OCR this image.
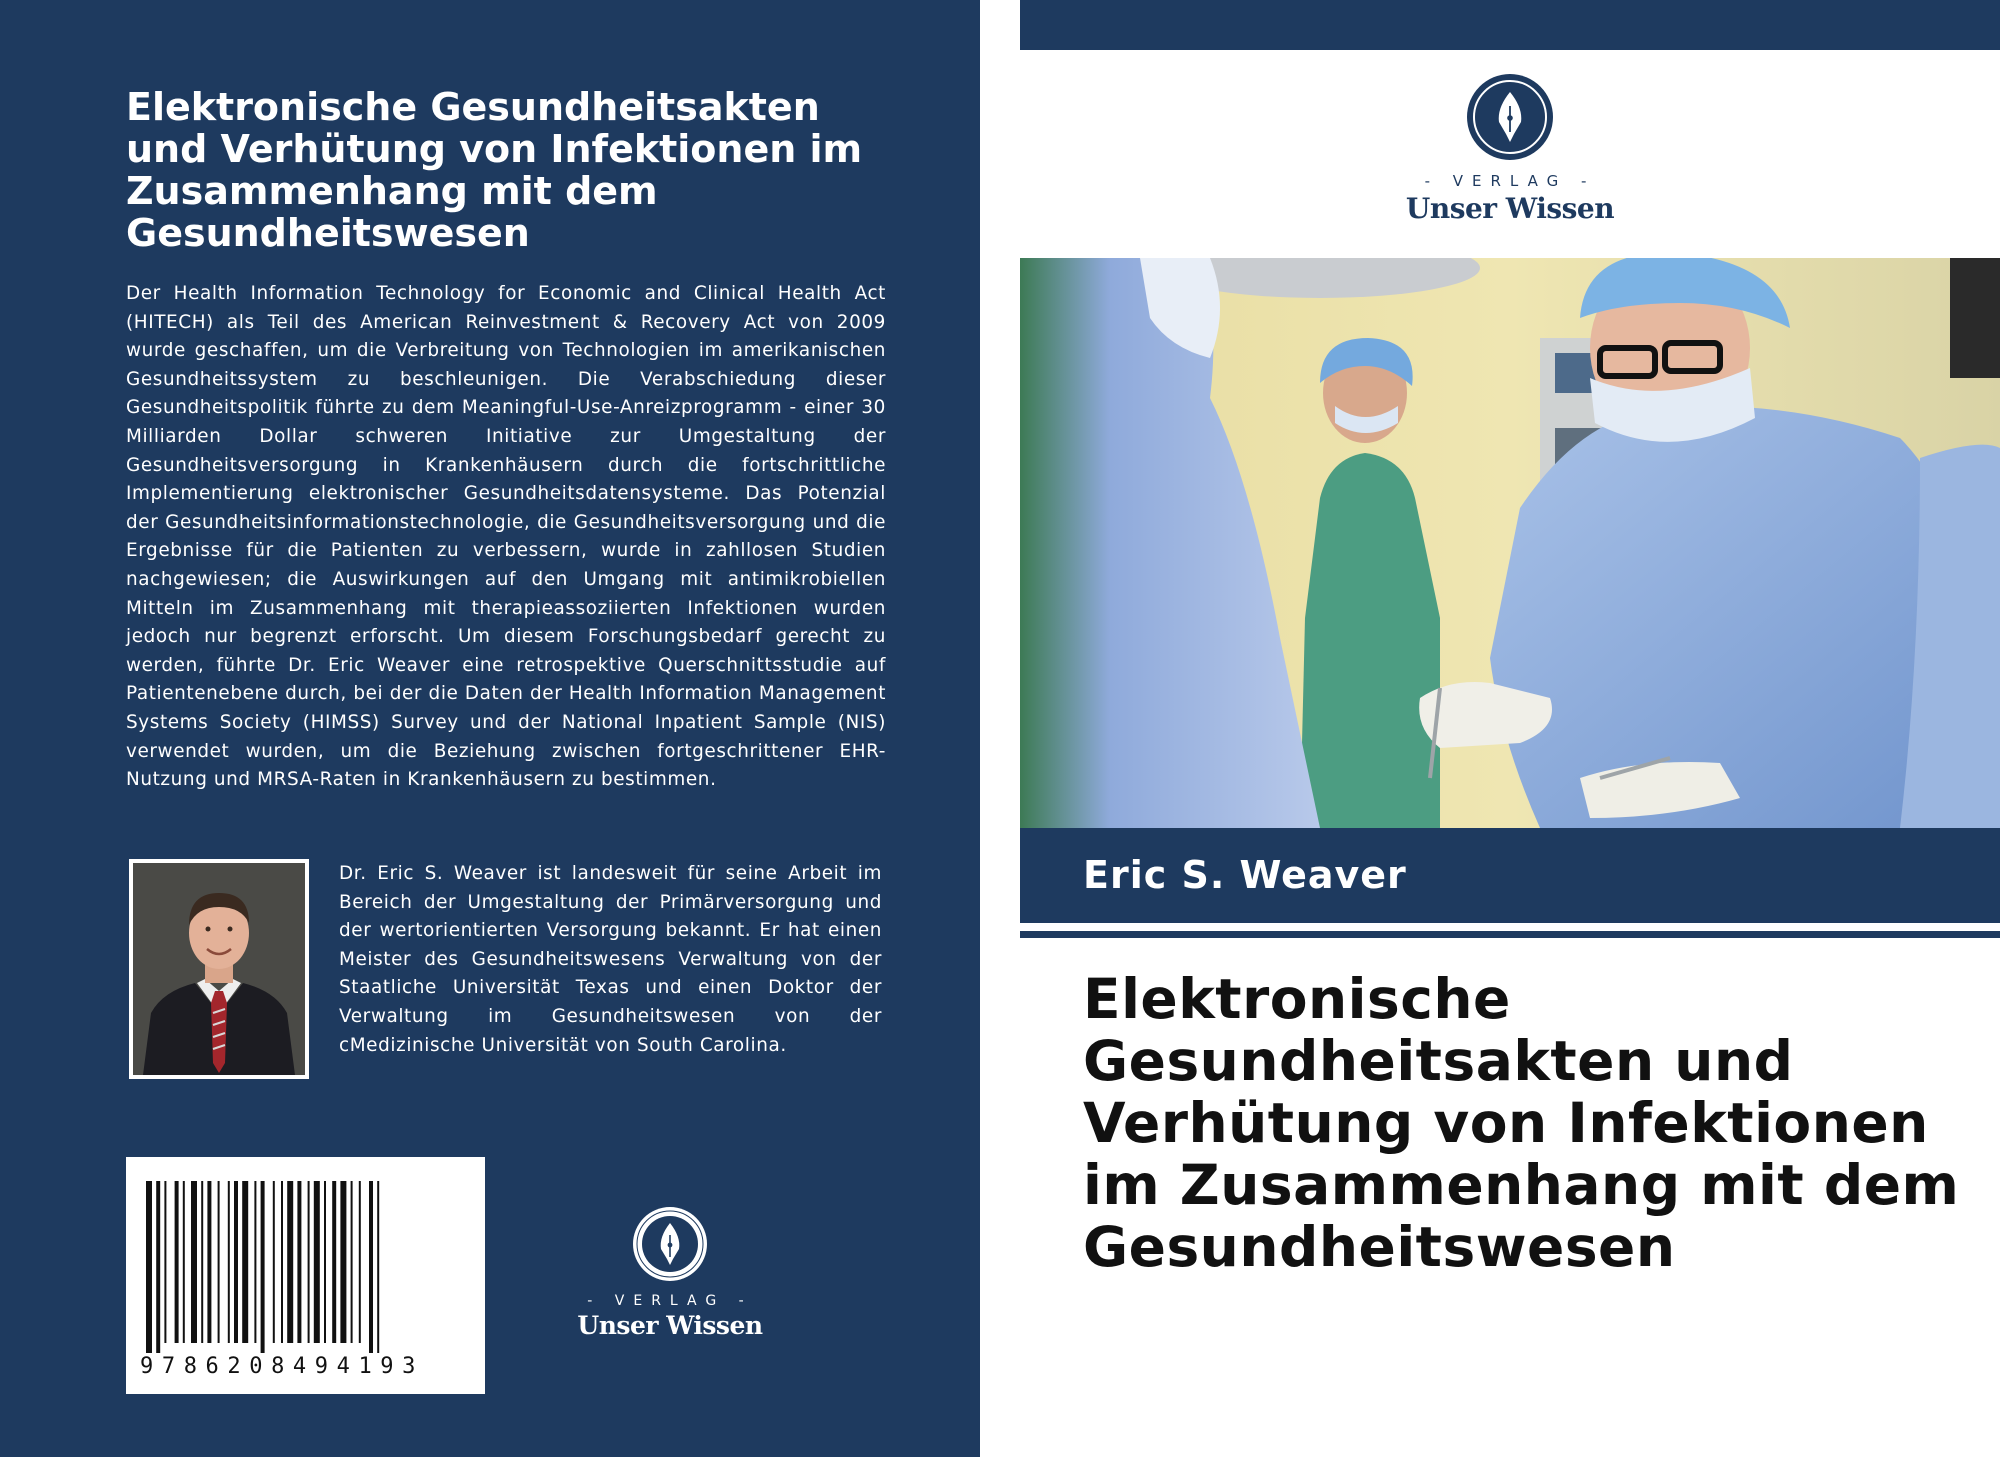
Elektronische Gesundheitsakten und Verhütung von Infektionen im Zusammenhang mit dem Gesundheitswesen

Der Health Information Technology for Economic and Clinical Health Act (HITECH) als Teil des American Reinvestment & Recovery Act von 2009 wurde geschaffen, um die Verbreitung von Technologien im amerikanischen Gesundheitssystem zu beschleunigen. Die Verabschiedung dieser Gesundheitspolitik führte zu dem Meaningful-Use-Anreizprogramm - einer 30 Milliarden Dollar schweren Initiative zur Umgestaltung der Gesundheitsversorgung in Krankenhäusern durch die fortschrittliche Implementierung elektronischer Gesundheitsdatensysteme. Das Potenzial der Gesundheitsinformationstechnologie, die Gesundheitsversorgung und die Ergebnisse für die Patienten zu verbessern, wurde in zahllosen Studien nachgewiesen; die Auswirkungen auf den Umgang mit antimikrobiellen Mitteln im Zusammenhang mit therapieassoziierten Infektionen wurden jedoch nur begrenzt erforscht. Um diesem Forschungsbedarf gerecht zu werden, führte Dr. Eric Weaver eine retrospektive Querschnittsstudie auf Patientenebene durch, bei der die Daten der Health Information Management Systems Society (HIMSS) Survey und der National Inpatient Sample (NIS) verwendet wurden, um die Beziehung zwischen fortgeschrittener EHR-Nutzung und MRSA-Raten in Krankenhäusern zu bestimmen.

Dr. Eric S. Weaver ist landesweit für seine Arbeit im Bereich der Umgestaltung der Primärversorgung und der wertorientierten Versorgung bekannt. Er hat einen Meister des Gesundheitswesens Verwaltung von der Staatliche Universität Texas und einen Doktor der Verwaltung im Gesundheitswesen von der cMedizinische Universität von South Carolina.

9786208494193
- VERLAG -
Unser Wissen
- VERLAG -
Unser Wissen
Eric S. Weaver
Elektronische Gesundheitsakten und Verhütung von Infektionen im Zusammenhang mit dem Gesundheitswesen
